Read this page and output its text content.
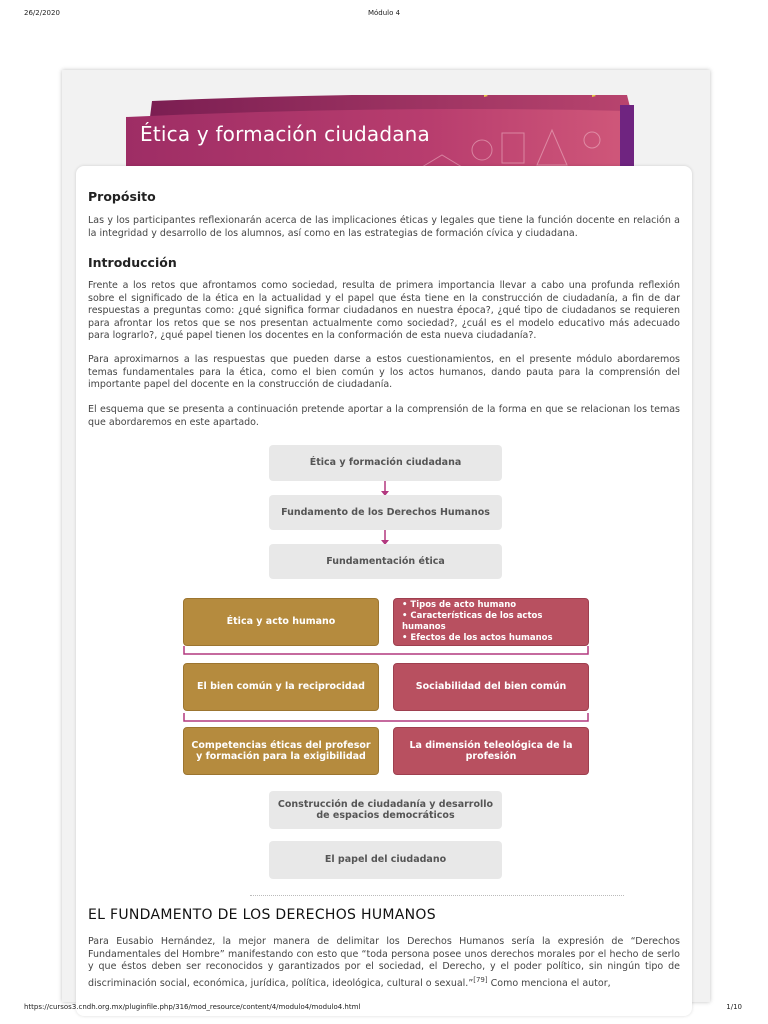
26/2/2020	Módulo 4
Ética y formación ciudadana
Propósito

Las y los participantes reflexionarán acerca de las implicaciones éticas y legales que tiene la función docente en relación a la integridad y desarrollo de los alumnos, así como en las estrategias de formación cívica y ciudadana.

Introducción

Frente a los retos que afrontamos como sociedad, resulta de primera importancia llevar a cabo una profunda reflexión sobre el significado de la ética en la actualidad y el papel que ésta tiene en la construcción de ciudadanía, a fin de dar respuestas a preguntas como: ¿qué significa formar ciudadanos en nuestra época?, ¿qué tipo de ciudadanos se requieren para afrontar los retos que se nos presentan actualmente como sociedad?, ¿cuál es el modelo educativo más adecuado para lograrlo?, ¿qué papel tienen los docentes en la conformación de esta nueva ciudadanía?.

Para aproximarnos a las respuestas que pueden darse a estos cuestionamientos, en el presente módulo abordaremos temas fundamentales para la ética, como el bien común y los actos humanos, dando pauta para la comprensión del importante papel del docente en la construcción de ciudadanía.

El esquema que se presenta a continuación pretende aportar a la comprensión de la forma en que se relacionan los temas que abordaremos en este apartado.

Ética y formación ciudadana
Fundamento de los Derechos Humanos
Fundamentación ética
Ética y acto humano
• Tipos de acto humano
• Características de los actos humanos
• Efectos de los actos humanos
El bien común y la reciprocidad	Sociabilidad del bien común
Competencias éticas del profesor y formación para la exigibilidad
La dimensión teleológica de la profesión
Construcción de ciudadanía y desarrollo de espacios democráticos
El papel del ciudadano
EL FUNDAMENTO DE LOS DERECHOS HUMANOS

Para Eusabio Hernández, la mejor manera de delimitar los Derechos Humanos sería la expresión de “Derechos Fundamentales del Hombre” manifestando con esto que “toda persona posee unos derechos morales por el hecho de serlo y que éstos deben ser reconocidos y garantizados por el sociedad, el Derecho, y el poder político, sin ningún tipo de discriminación social, económica, jurídica, política, ideológica, cultural o sexual.”[79] Como menciona el autor,

https://cursos3.cndh.org.mx/pluginfile.php/316/mod_resource/content/4/modulo4/modulo4.html	1/10
